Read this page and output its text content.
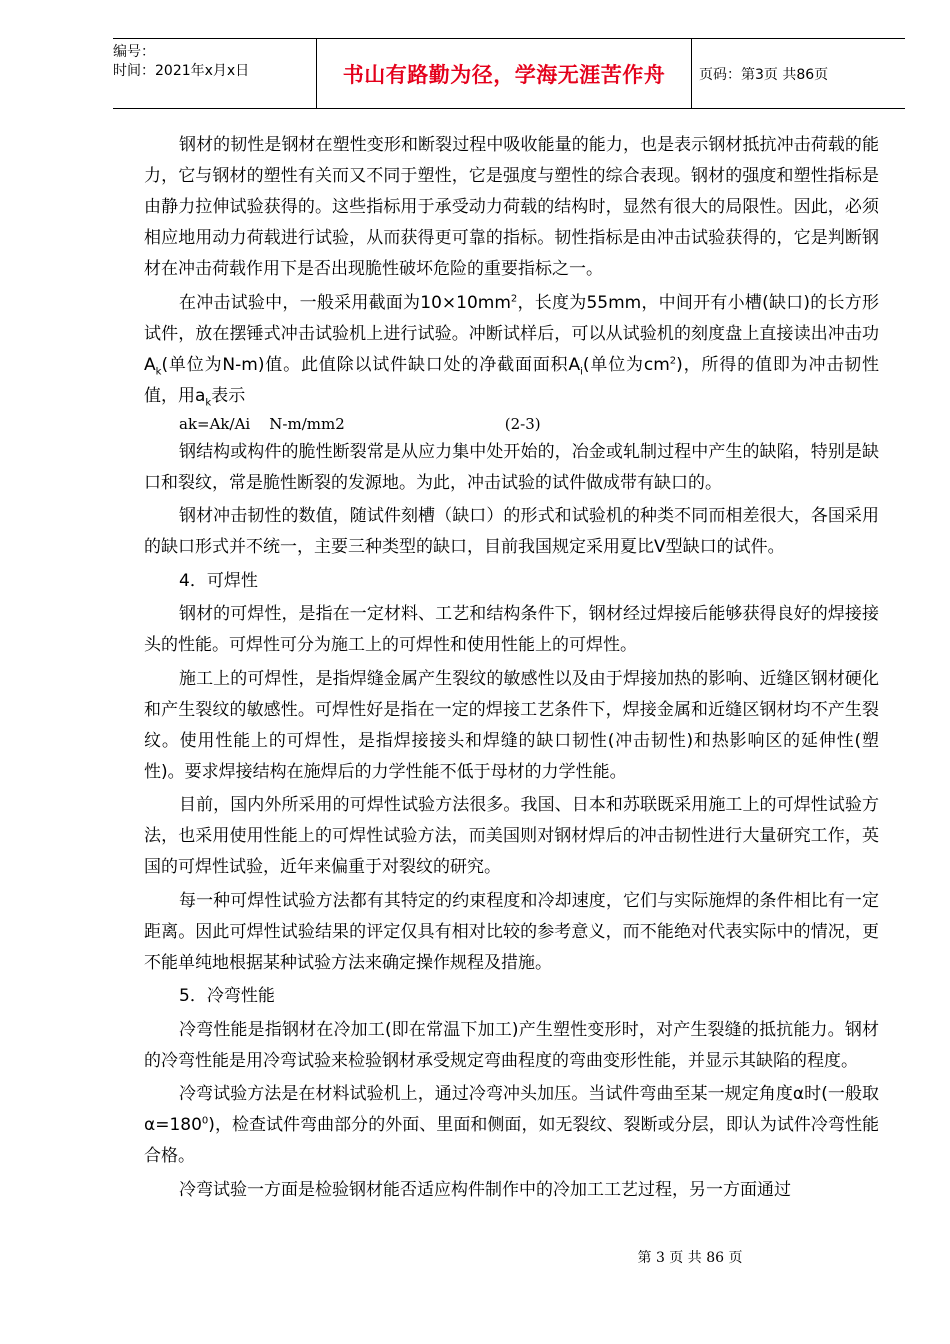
编号：
时间：2021年x月x日	书山有路勤为径，学海无涯苦作舟	页码：第3页 共86页

钢材的韧性是钢材在塑性变形和断裂过程中吸收能量的能力，也是表示钢材抵抗冲击荷载的能力，它与钢材的塑性有关而又不同于塑性，它是强度与塑性的综合表现。钢材的强度和塑性指标是由静力拉伸试验获得的。这些指标用于承受动力荷载的结构时，显然有很大的局限性。因此，必须相应地用动力荷载进行试验，从而获得更可靠的指标。韧性指标是由冲击试验获得的，它是判断钢材在冲击荷载作用下是否出现脆性破坏危险的重要指标之一。

在冲击试验中，一般采用截面为$10\times 10mm^2$，长度为55mm，中间开有小槽(缺口)的长方形试件，放在摆锤式冲击试验机上进行试验。冲断试样后，可以从试验机的刻度盘上直接读出冲击功$A_k$(单位为N-m)值。此值除以试件缺口处的净截面面积$A_i$(单位为$cm^2$)，所得的值即为冲击韧性值，用$a_k$表示

ak=Ak/Ai    N-m/mm2	(2-3)

钢结构或构件的脆性断裂常是从应力集中处开始的，冶金或轧制过程中产生的缺陷，特别是缺口和裂纹，常是脆性断裂的发源地。为此，冲击试验的试件做成带有缺口的。

钢材冲击韧性的数值，随试件刻槽（缺口）的形式和试验机的种类不同而相差很大，各国采用的缺口形式并不统一，主要三种类型的缺口，目前我国规定采用夏比V型缺口的试件。

4．可焊性

钢材的可焊性，是指在一定材料、工艺和结构条件下，钢材经过焊接后能够获得良好的焊接接头的性能。可焊性可分为施工上的可焊性和使用性能上的可焊性。

施工上的可焊性，是指焊缝金属产生裂纹的敏感性以及由于焊接加热的影响、近缝区钢材硬化和产生裂纹的敏感性。可焊性好是指在一定的焊接工艺条件下，焊接金属和近缝区钢材均不产生裂纹。使用性能上的可焊性，是指焊接接头和焊缝的缺口韧性(冲击韧性)和热影响区的延伸性(塑性)。要求焊接结构在施焊后的力学性能不低于母材的力学性能。

目前，国内外所采用的可焊性试验方法很多。我国、日本和苏联既采用施工上的可焊性试验方法，也采用使用性能上的可焊性试验方法，而美国则对钢材焊后的冲击韧性进行大量研究工作，英国的可焊性试验，近年来偏重于对裂纹的研究。

每一种可焊性试验方法都有其特定的约束程度和冷却速度，它们与实际施焊的条件相比有一定距离。因此可焊性试验结果的评定仅具有相对比较的参考意义，而不能绝对代表实际中的情况，更不能单纯地根据某种试验方法来确定操作规程及措施。

5．冷弯性能

冷弯性能是指钢材在冷加工(即在常温下加工)产生塑性变形时，对产生裂缝的抵抗能力。钢材的冷弯性能是用冷弯试验来检验钢材承受规定弯曲程度的弯曲变形性能，并显示其缺陷的程度。

冷弯试验方法是在材料试验机上，通过冷弯冲头加压。当试件弯曲至某一规定角度α时(一般取$\alpha=180^0$)，检查试件弯曲部分的外面、里面和侧面，如无裂纹、裂断或分层，即认为试件冷弯性能合格。

冷弯试验一方面是检验钢材能否适应构件制作中的冷加工工艺过程，另一方面通过

第 3 页 共 86 页
